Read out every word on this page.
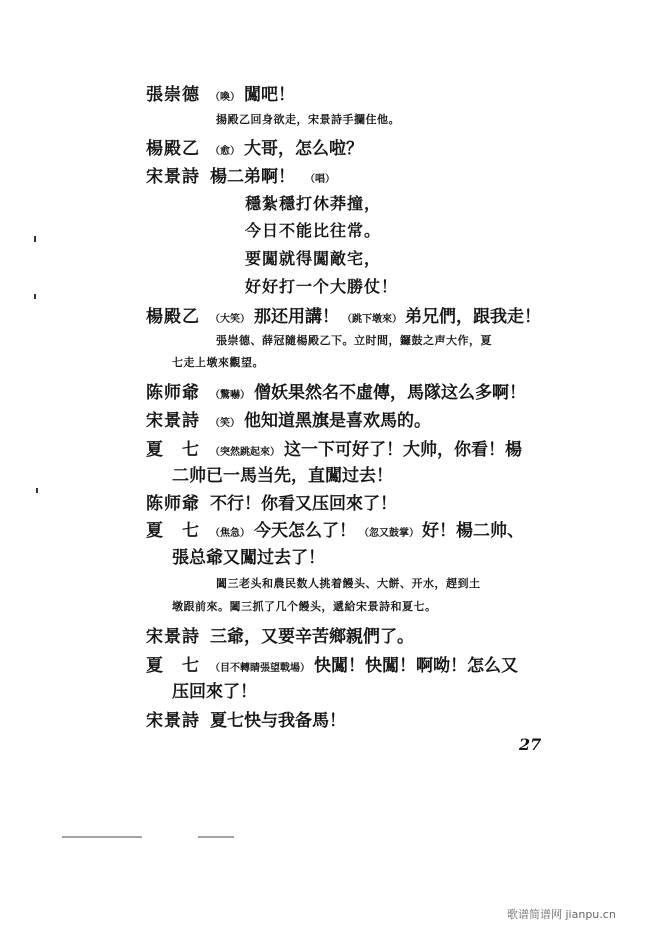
張崇德 （喚） 闖吧！
揚殿乙回身欲走，宋景詩手攔住他。
楊殿乙 （愈） 大哥，怎么啦？
宋景詩 楊二弟啊！ （唱）
穩紮穩打休莽撞，
今日不能比往常。
要闖就得闖敵宅，
好好打一个大勝仗！
楊殿乙 （大笑） 那还用講！ （跳下墩來） 弟兄們，跟我走！
張崇德、薛冠隨楊殿乙下。立时間，鑼鼓之声大作，夏
七走上墩來觀望。
陈师爺 （驚嚇） 僧妖果然名不虛傳，馬隊这么多啊！
宋景詩 （笑） 他知道黑旗是喜欢馬的。
夏　七 （突然跳起來） 这一下可好了！大帅，你看！楊
二帅已一馬当先，直闖过去！
陈师爺 不行！你看又压回來了！
夏　七 （焦急） 今天怎么了！ （忽又鼓掌） 好！楊二帅、
張总爺又闖过去了！
闔三老头和農民数人挑着饅头、大餅、开水，趕到土
墩跟前來。闔三抓了几个饅头，遞給宋景詩和夏七。
宋景詩 三爺，又要辛苦鄉親們了。
夏　七 （目不轉睛張望戰場） 快闖！快闖！啊呦！怎么又
压回來了！
宋景詩 夏七快与我备馬！
27
歌谱简谱网 jianpu.cn
